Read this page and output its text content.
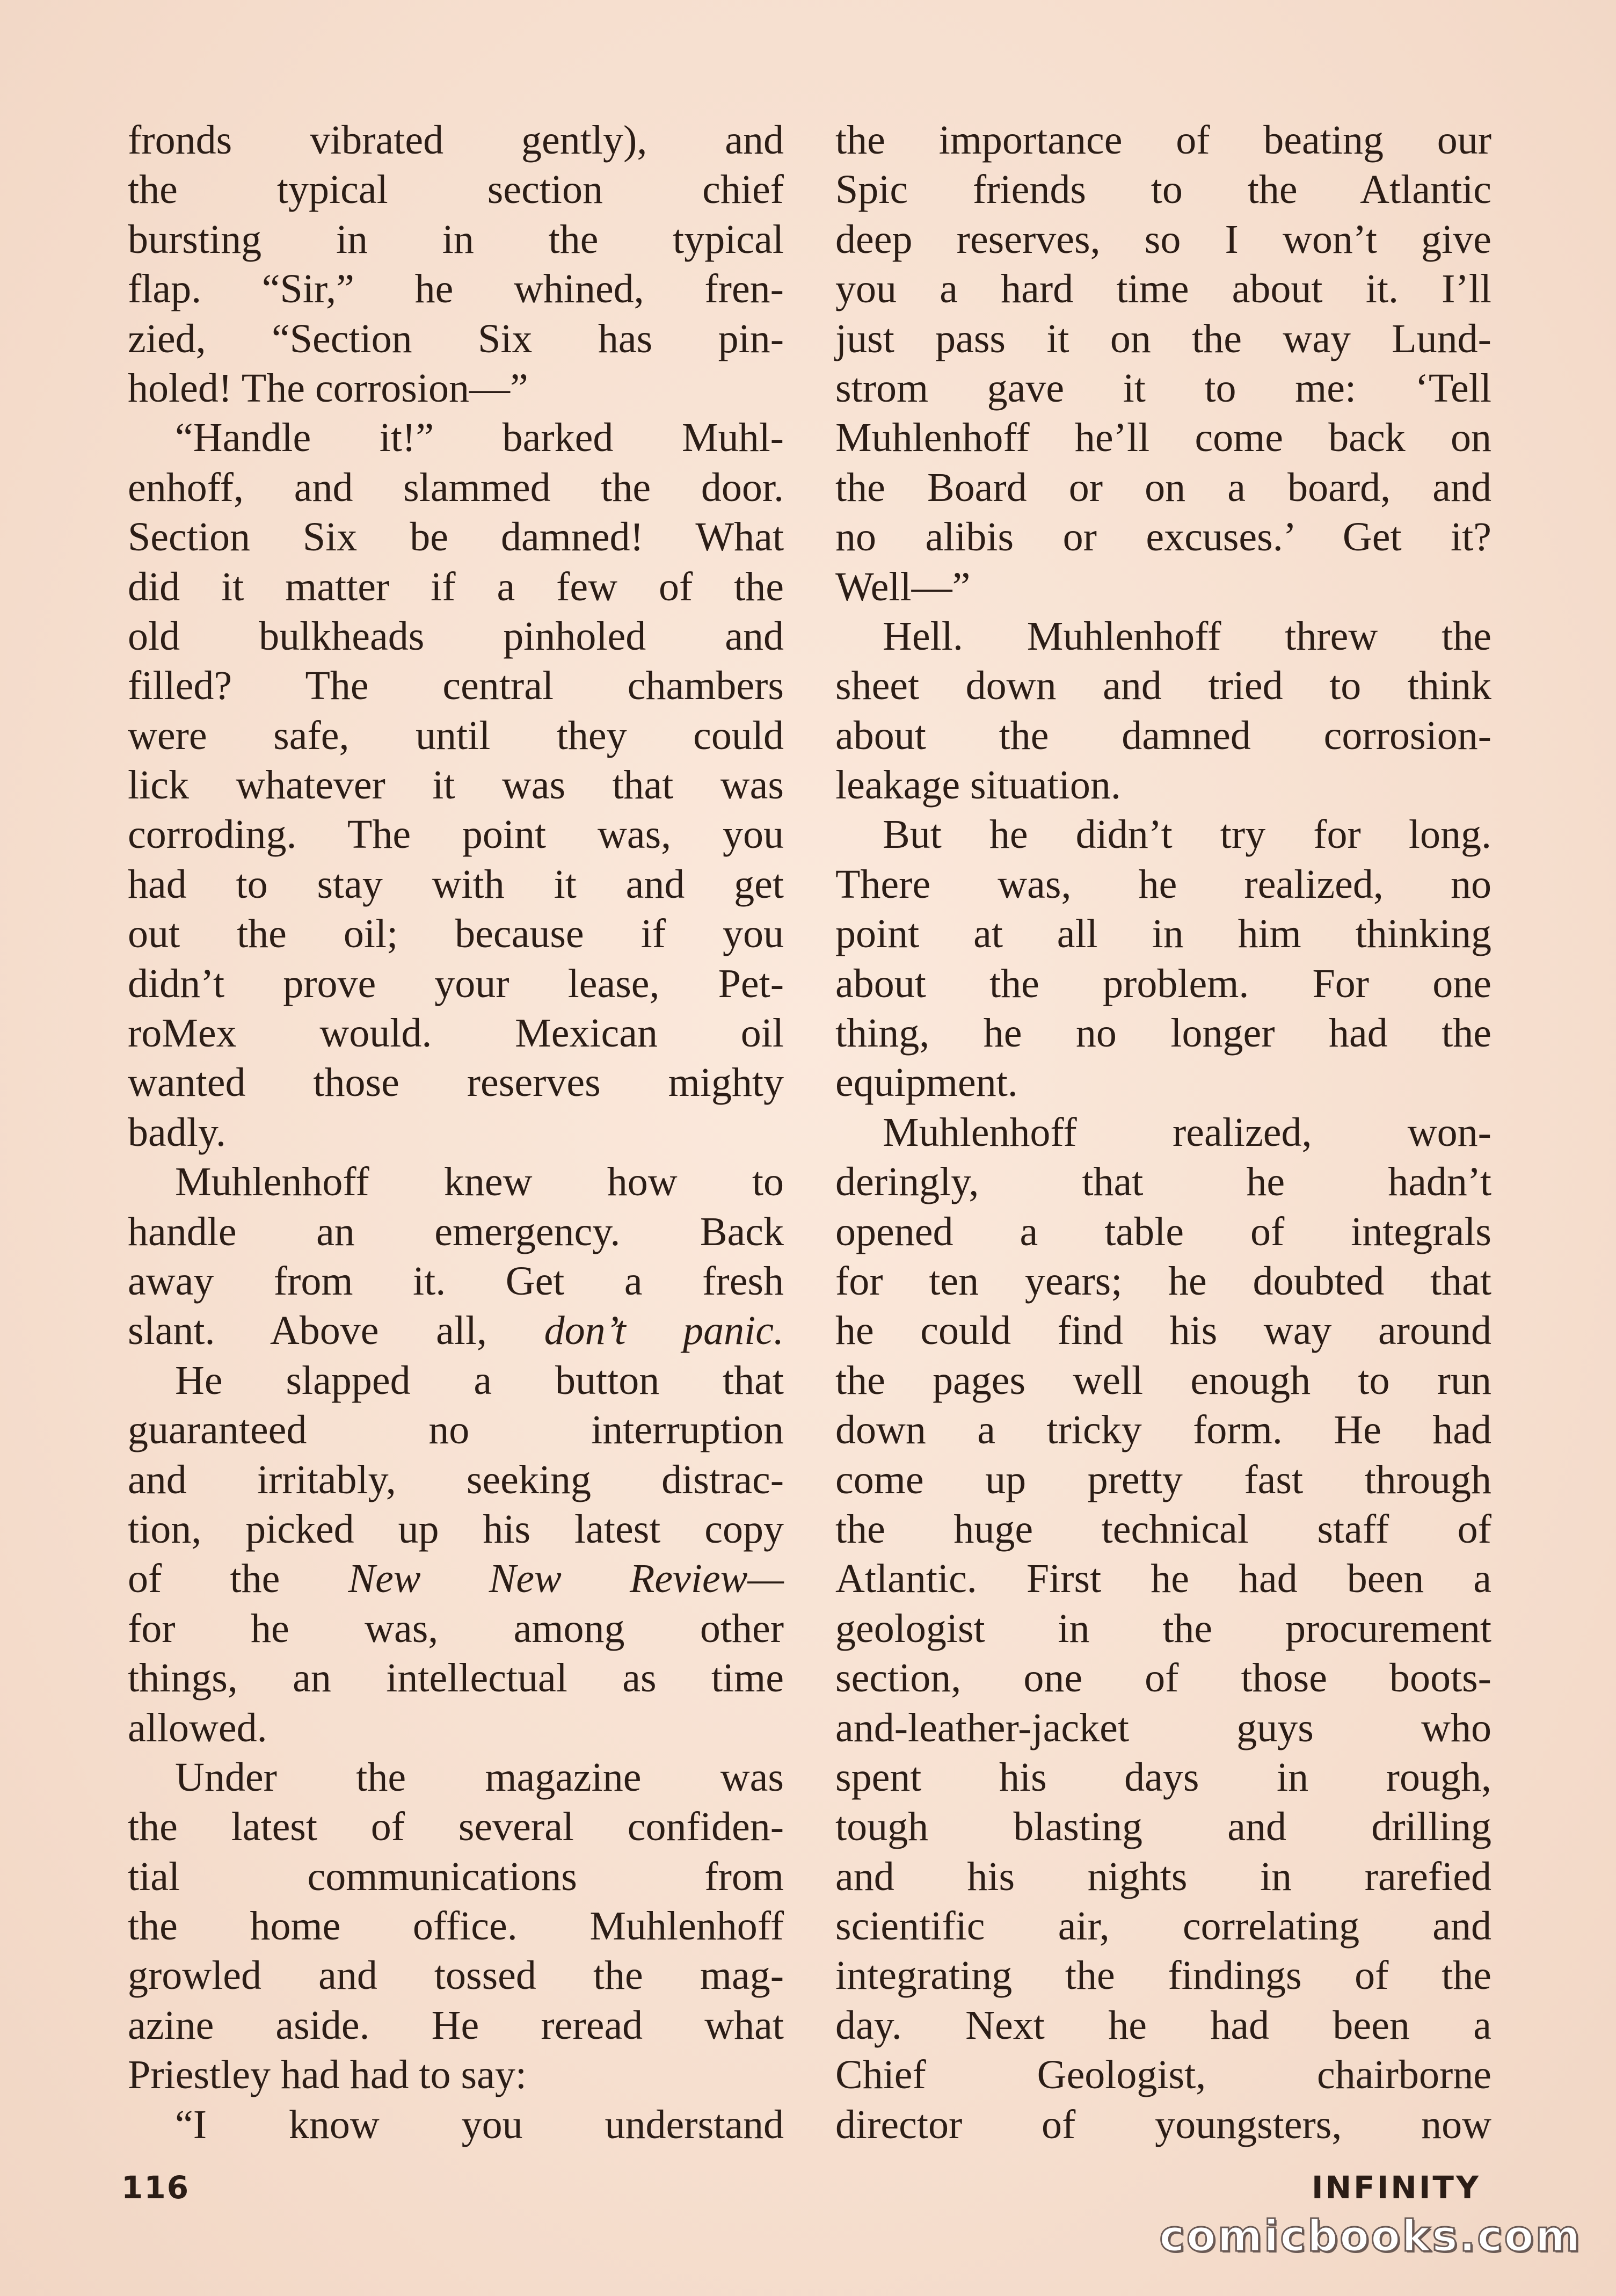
fronds vibrated gently), and
the typical section chief
bursting in in the typical
flap. “Sir,” he whined, fren-
zied, “Section Six has pin-
holed! The corrosion—”
“Handle it!” barked Muhl-
enhoff, and slammed the door.
Section Six be damned! What
did it matter if a few of the
old bulkheads pinholed and
filled? The central chambers
were safe, until they could
lick whatever it was that was
corroding. The point was, you
had to stay with it and get
out the oil; because if you
didn’t prove your lease, Pet-
roMex would. Mexican oil
wanted those reserves mighty
badly.
Muhlenhoff knew how to
handle an emergency. Back
away from it. Get a fresh
slant. Above all, don’t panic.
He slapped a button that
guaranteed no interruption
and irritably, seeking distrac-
tion, picked up his latest copy
of the New New Review—
for he was, among other
things, an intellectual as time
allowed.
Under the magazine was
the latest of several confiden-
tial communications from
the home office. Muhlenhoff
growled and tossed the mag-
azine aside. He reread what
Priestley had had to say:
“I know you understand
the importance of beating our
Spic friends to the Atlantic
deep reserves, so I won’t give
you a hard time about it. I’ll
just pass it on the way Lund-
strom gave it to me: ‘Tell
Muhlenhoff he’ll come back on
the Board or on a board, and
no alibis or excuses.’ Get it?
Well—”
Hell. Muhlenhoff threw the
sheet down and tried to think
about the damned corrosion-
leakage situation.
But he didn’t try for long.
There was, he realized, no
point at all in him thinking
about the problem. For one
thing, he no longer had the
equipment.
Muhlenhoff realized, won-
deringly, that he hadn’t
opened a table of integrals
for ten years; he doubted that
he could find his way around
the pages well enough to run
down a tricky form. He had
come up pretty fast through
the huge technical staff of
Atlantic. First he had been a
geologist in the procurement
section, one of those boots-
and-leather-jacket guys who
spent his days in rough,
tough blasting and drilling
and his nights in rarefied
scientific air, correlating and
integrating the findings of the
day. Next he had been a
Chief Geologist, chairborne
director of youngsters, now
116	INFINITY
comicbooks.com
